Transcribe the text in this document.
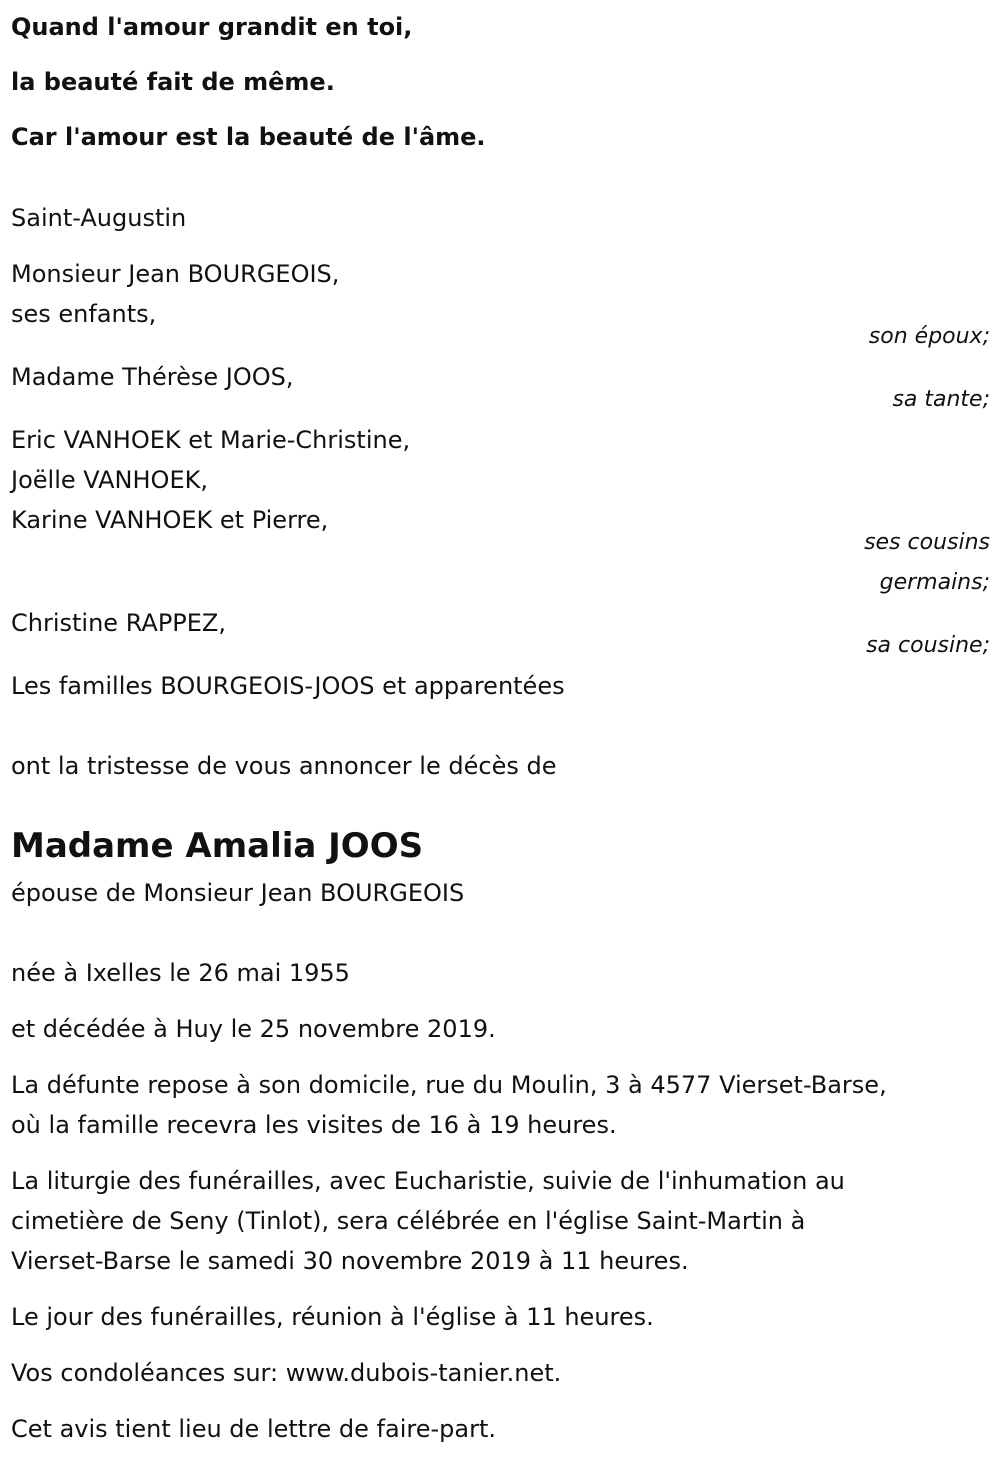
Quand l'amour grandit en toi,
la beauté fait de même.
Car l'amour est la beauté de l'âme.
Saint-Augustin
Monsieur Jean BOURGEOIS,
ses enfants,
son époux;
Madame Thérèse JOOS,
sa tante;
Eric VANHOEK et Marie-Christine,
Joëlle VANHOEK,
Karine VANHOEK et Pierre,
ses cousins
germains;
Christine RAPPEZ,
sa cousine;
Les familles BOURGEOIS-JOOS et apparentées
ont la tristesse de vous annoncer le décès de
Madame Amalia JOOS
épouse de Monsieur Jean BOURGEOIS
née à Ixelles le 26 mai 1955
et décédée à Huy le 25 novembre 2019.
La défunte repose à son domicile, rue du Moulin, 3 à 4577 Vierset-Barse,
où la famille recevra les visites de 16 à 19 heures.
La liturgie des funérailles, avec Eucharistie, suivie de l'inhumation au
cimetière de Seny (Tinlot), sera célébrée en l'église Saint-Martin à
Vierset-Barse le samedi 30 novembre 2019 à 11 heures.
Le jour des funérailles, réunion à l'église à 11 heures.
Vos condoléances sur: www.dubois-tanier.net.
Cet avis tient lieu de lettre de faire-part.
